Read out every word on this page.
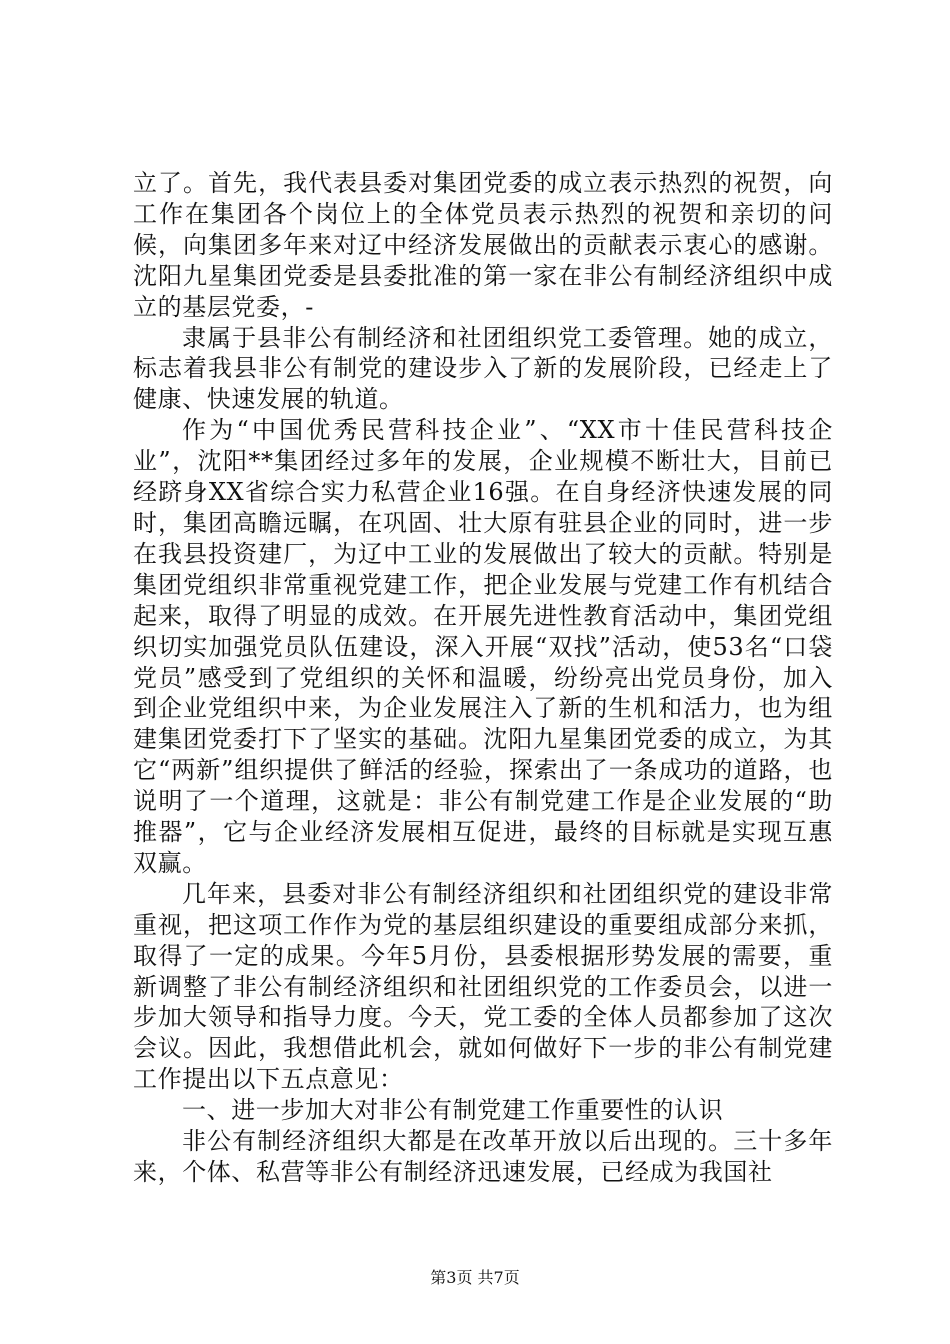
立了。首先，我代表县委对集团党委的成立表示热烈的祝贺，向工作在集团各个岗位上的全体党员表示热烈的祝贺和亲切的问候，向集团多年来对辽中经济发展做出的贡献表示衷心的感谢。沈阳九星集团党委是县委批准的第一家在非公有制经济组织中成立的基层党委，-

隶属于县非公有制经济和社团组织党工委管理。她的成立，标志着我县非公有制党的建设步入了新的发展阶段，已经走上了健康、快速发展的轨道。

作为“中国优秀民营科技企业”、“XX市十佳民营科技企业”，沈阳**集团经过多年的发展，企业规模不断壮大，目前已经跻身XX省综合实力私营企业16强。在自身经济快速发展的同时，集团高瞻远瞩，在巩固、壮大原有驻县企业的同时，进一步在我县投资建厂，为辽中工业的发展做出了较大的贡献。特别是集团党组织非常重视党建工作，把企业发展与党建工作有机结合起来，取得了明显的成效。在开展先进性教育活动中，集团党组织切实加强党员队伍建设，深入开展“双找”活动，使53名“口袋党员”感受到了党组织的关怀和温暖，纷纷亮出党员身份，加入到企业党组织中来，为企业发展注入了新的生机和活力，也为组建集团党委打下了坚实的基础。沈阳九星集团党委的成立，为其它“两新”组织提供了鲜活的经验，探索出了一条成功的道路，也说明了一个道理，这就是：非公有制党建工作是企业发展的“助推器”，它与企业经济发展相互促进，最终的目标就是实现互惠双赢。

几年来，县委对非公有制经济组织和社团组织党的建设非常重视，把这项工作作为党的基层组织建设的重要组成部分来抓，取得了一定的成果。今年5月份，县委根据形势发展的需要，重新调整了非公有制经济组织和社团组织党的工作委员会，以进一步加大领导和指导力度。今天，党工委的全体人员都参加了这次会议。因此，我想借此机会，就如何做好下一步的非公有制党建工作提出以下五点意见：

一、进一步加大对非公有制党建工作重要性的认识

非公有制经济组织大都是在改革开放以后出现的。三十多年来，个体、私营等非公有制经济迅速发展，已经成为我国社

第3页 共7页
